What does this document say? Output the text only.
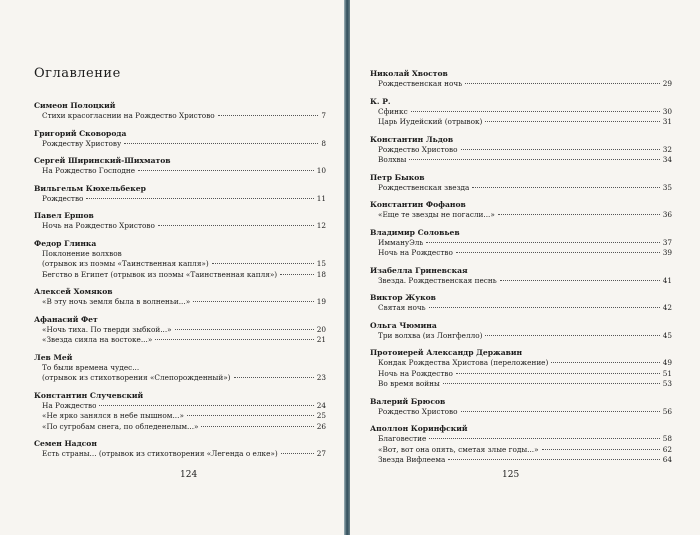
Оглавление
Симеон Полоцкий
Стихи красогласнии на Рождество Христово	7
Григорий Сковорода
Рождеству Христову	8
Сергей Ширинский-Шихматов
На Рождество Господне	10
Вильгельм Кюхельбекер
Рождество	11
Павел Ершов
Ночь на Рождество Христово	12
Федор Глинка
Поклонение волхвов
(отрывок из поэмы «Таинственная капля»)	15
Бегство в Египет (отрывок из поэмы «Таинственная капля»)	18
Алексей Хомяков
«В эту ночь земля была в волненьи...»	19
Афанасий Фет
«Ночь тиха. По тверди зыбкой...»	20
«Звезда сияла на востоке...»	21
Лев Мей
То были времена чудес...
(отрывок из стихотворения «Слепорожденный»)	23
Константин Случевский
На Рождество	24
«Не ярко занялся в небе пышном...»	25
«По сугробам снега, по обледенелым...»	26
Семен Надсон
Есть страны... (отрывок из стихотворения «Легенда о елке»)	27
124
Николай Хвостов
Рождественская ночь	29
К. Р.
Сфинкс	30
Царь Иудейский (отрывок)	31
Константин Льдов
Рождество Христово	32
Волхвы	34
Петр Быков
Рождественская звезда	35
Константин Фофанов
«Еще те звезды не погасли...»	36
Владимир Соловьев
ИммануЭль	37
Ночь на Рождество	39
Изабелла Гриневская
Звезда. Рождественская песнь	41
Виктор Жуков
Святая ночь	42
Ольга Чюмина
Три волхва (из Лонгфелло)	45
Протоиерей Александр Державин
Кондак Рождества Христова (переложение)	49
Ночь на Рождество	51
Во время войны	53
Валерий Брюсов
Рождество Христово	56
Аполлон Коринфский
Благовестие	58
«Вот, вот она опять, сметая злые годы...»	62
Звезда Вифлеема	64
125
